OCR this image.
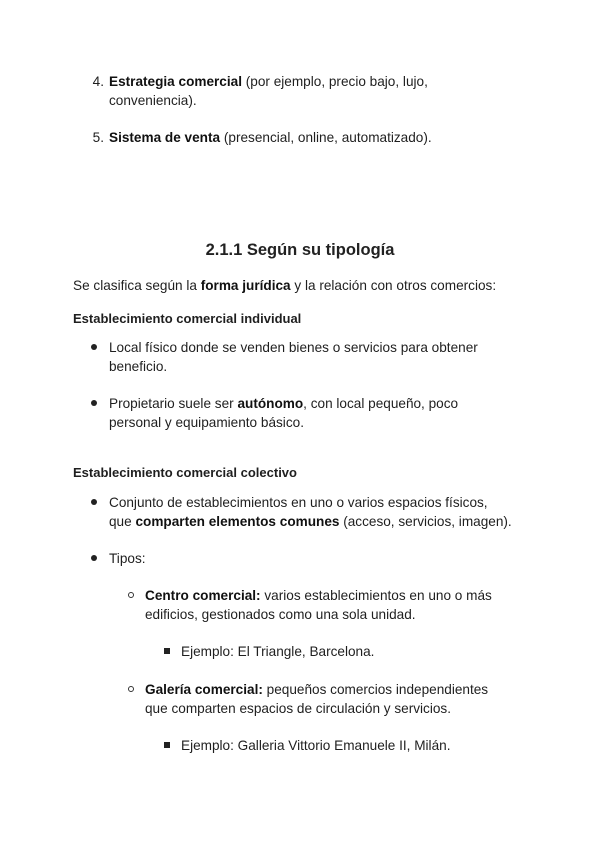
4. Estrategia comercial (por ejemplo, precio bajo, lujo,
conveniencia).
5. Sistema de venta (presencial, online, automatizado).
2.1.1 Según su tipología
Se clasifica según la forma jurídica y la relación con otros comercios:
Establecimiento comercial individual
Local físico donde se venden bienes o servicios para obtener
beneficio.
Propietario suele ser autónomo, con local pequeño, poco
personal y equipamiento básico.
Establecimiento comercial colectivo
Conjunto de establecimientos en uno o varios espacios físicos,
que comparten elementos comunes (acceso, servicios, imagen).
Tipos:
Centro comercial: varios establecimientos en uno o más
edificios, gestionados como una sola unidad.
Ejemplo: El Triangle, Barcelona.
Galería comercial: pequeños comercios independientes
que comparten espacios de circulación y servicios.
Ejemplo: Galleria Vittorio Emanuele II, Milán.
